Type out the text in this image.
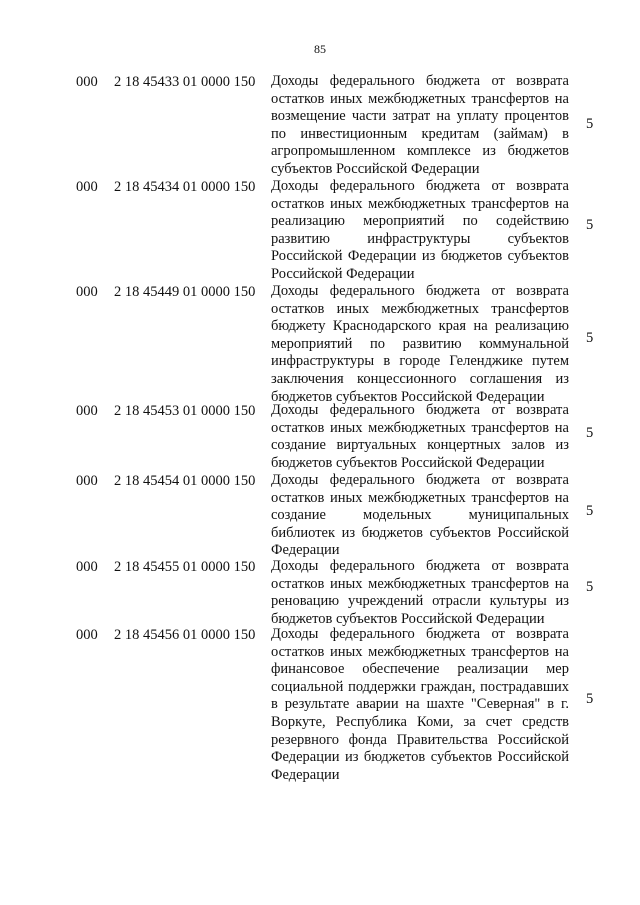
85
000 2 18 45433 01 0000 150 Доходы федерального бюджета от возврата остатков иных межбюджетных трансфертов на возмещение части затрат на уплату процентов по инвестиционным кредитам (займам) в агропромышленном комплексе из бюджетов субъектов Российской Федерации
5
000 2 18 45434 01 0000 150 Доходы федерального бюджета от возврата остатков иных межбюджетных трансфертов на реализацию мероприятий по содействию развитию инфраструктуры субъектов Российской Федерации из бюджетов субъектов Российской Федерации
5
000 2 18 45449 01 0000 150 Доходы федерального бюджета от возврата остатков иных межбюджетных трансфертов бюджету Краснодарского края на реализацию мероприятий по развитию коммунальной инфраструктуры в городе Геленджике путем заключения концессионного соглашения из бюджетов субъектов Российской Федерации
5
000 2 18 45453 01 0000 150 Доходы федерального бюджета от возврата остатков иных межбюджетных трансфертов на создание виртуальных концертных залов из бюджетов субъектов Российской Федерации
5
000 2 18 45454 01 0000 150 Доходы федерального бюджета от возврата остатков иных межбюджетных трансфертов на создание модельных муниципальных библиотек из бюджетов субъектов Российской Федерации
5
000 2 18 45455 01 0000 150 Доходы федерального бюджета от возврата остатков иных межбюджетных трансфертов на реновацию учреждений отрасли культуры из бюджетов субъектов Российской Федерации
5
000 2 18 45456 01 0000 150 Доходы федерального бюджета от возврата остатков иных межбюджетных трансфертов на финансовое обеспечение реализации мер социальной поддержки граждан, пострадавших в результате аварии на шахте "Северная" в г. Воркуте, Республика Коми, за счет средств резервного фонда Правительства Российской Федерации из бюджетов субъектов Российской Федерации
5
